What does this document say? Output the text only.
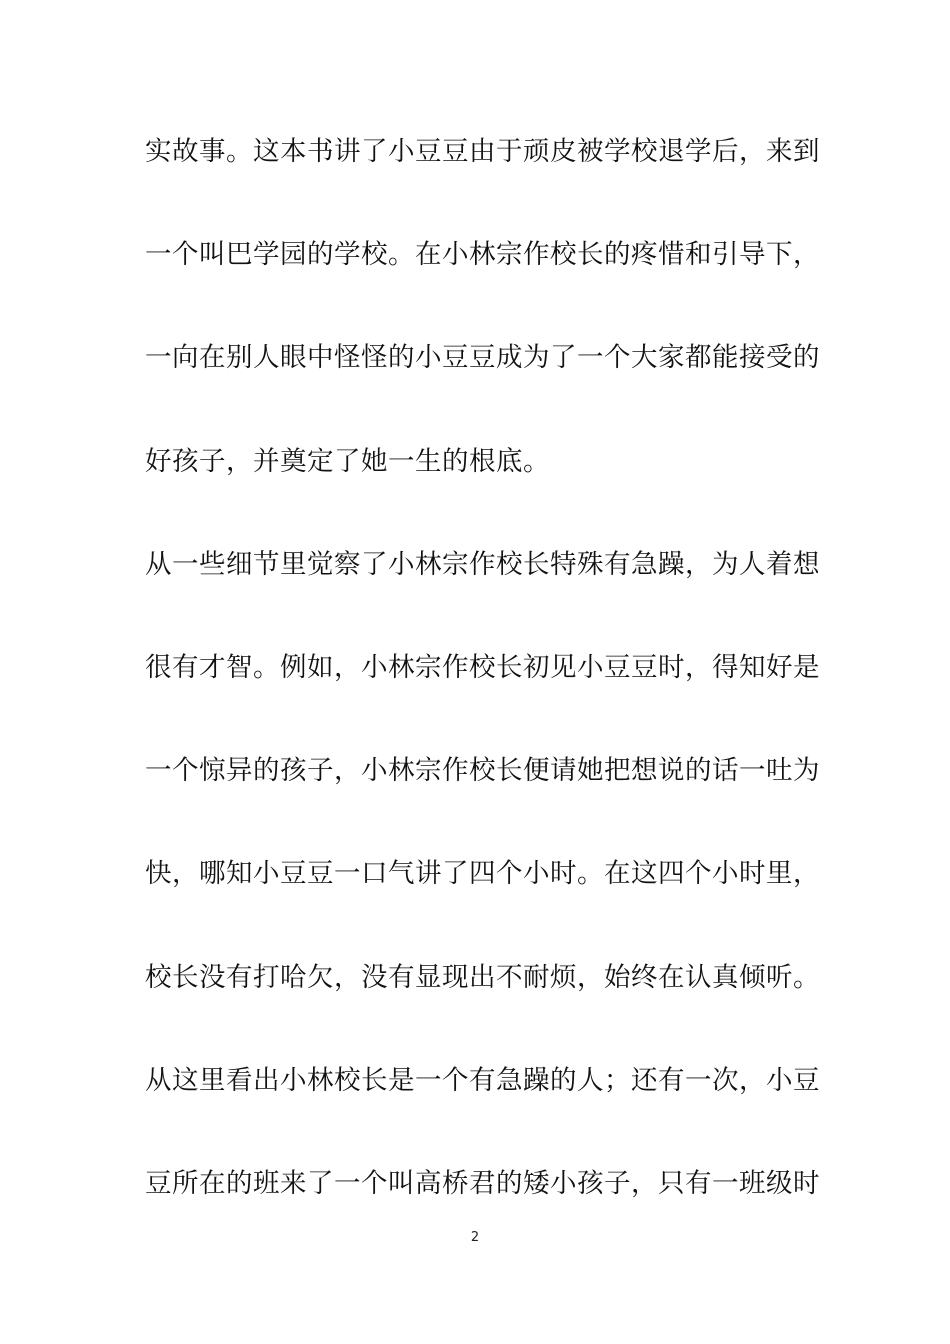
实故事。这本书讲了小豆豆由于顽皮被学校退学后，来到
一个叫巴学园的学校。在小林宗作校长的疼惜和引导下，
一向在别人眼中怪怪的小豆豆成为了一个大家都能接受的
好孩子，并奠定了她一生的根底。
从一些细节里觉察了小林宗作校长特殊有急躁，为人着想
很有才智。例如，小林宗作校长初见小豆豆时，得知好是
一个惊异的孩子，小林宗作校长便请她把想说的话一吐为
快，哪知小豆豆一口气讲了四个小时。在这四个小时里，
校长没有打哈欠，没有显现出不耐烦，始终在认真倾听。
从这里看出小林校长是一个有急躁的人；还有一次，小豆
豆所在的班来了一个叫高桥君的矮小孩子，只有一班级时
2
